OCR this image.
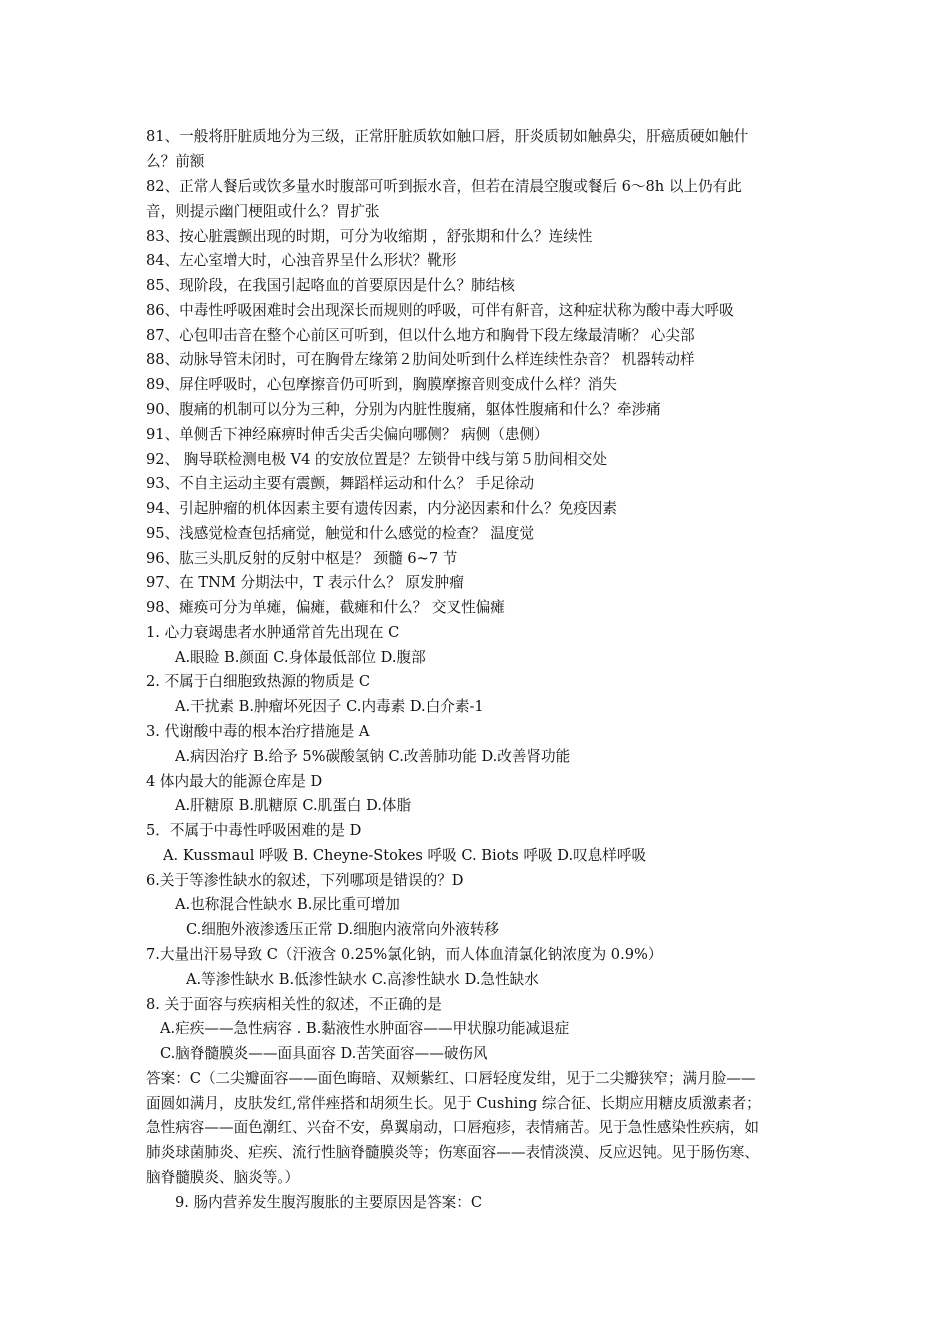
81、一般将肝脏质地分为三级，正常肝脏质软如触口唇，肝炎质韧如触鼻尖，肝癌质硬如触什
么？前额
82、正常人餐后或饮多量水时腹部可听到振水音，但若在清晨空腹或餐后 6～8h 以上仍有此
音，则提示幽门梗阻或什么？胃扩张
83、按心脏震颤出现的时期，可分为收缩期 ，舒张期和什么？连续性
84、左心室增大时，心浊音界呈什么形状？靴形
85、现阶段，在我国引起咯血的首要原因是什么？肺结核
86、中毒性呼吸困难时会出现深长而规则的呼吸，可伴有鼾音，这种症状称为酸中毒大呼吸
87、心包叩击音在整个心前区可听到，但以什么地方和胸骨下段左缘最清晰？ 心尖部
88、动脉导管未闭时，可在胸骨左缘第２肋间处听到什么样连续性杂音？ 机器转动样
89、屏住呼吸时，心包摩擦音仍可听到，胸膜摩擦音则变成什么样？消失
90、腹痛的机制可以分为三种，分别为内脏性腹痛，躯体性腹痛和什么？牵涉痛
91、单侧舌下神经麻痹时伸舌尖舌尖偏向哪侧？ 病侧（患侧）
92、 胸导联检测电极 V4 的安放位置是？左锁骨中线与第５肋间相交处
93、不自主运动主要有震颤，舞蹈样运动和什么？ 手足徐动
94、引起肿瘤的机体因素主要有遗传因素，内分泌因素和什么？免疫因素
95、浅感觉检查包括痛觉，触觉和什么感觉的检查？ 温度觉
96、肱三头肌反射的反射中枢是？ 颈髓 6~7 节
97、在 TNM 分期法中，T 表示什么？ 原发肿瘤
98、瘫痪可分为单瘫，偏瘫，截瘫和什么？ 交叉性偏瘫
1. 心力衰竭患者水肿通常首先出现在 C
A.眼睑 B.颜面 C.身体最低部位 D.腹部
2. 不属于白细胞致热源的物质是 C
A.干扰素 B.肿瘤坏死因子 C.内毒素 D.白介素-1
3. 代谢酸中毒的根本治疗措施是 A
A.病因治疗 B.给予 5%碳酸氢钠 C.改善肺功能 D.改善肾功能
4 体内最大的能源仓库是 D
A.肝糖原 B.肌糖原 C.肌蛋白 D.体脂
5．不属于中毒性呼吸困难的是 D
A. Kussmaul 呼吸 B. Cheyne-Stokes 呼吸 C. Biots 呼吸 D.叹息样呼吸
6.关于等渗性缺水的叙述，下列哪项是错误的？D
A.也称混合性缺水 B.尿比重可增加
C.细胞外液渗透压正常 D.细胞内液常向外液转移
7.大量出汗易导致 C（汗液含 0.25%氯化钠，而人体血清氯化钠浓度为 0.9%）
A.等渗性缺水 B.低渗性缺水 C.高渗性缺水 D.急性缺水
8. 关于面容与疾病相关性的叙述，不正确的是
A.疟疾——急性病容 . B.黏液性水肿面容——甲状腺功能减退症
C.脑脊髓膜炎——面具面容 D.苦笑面容——破伤风
答案：C（二尖瓣面容——面色晦暗、双颊紫红、口唇轻度发绀，见于二尖瓣狭窄；满月脸——
面圆如满月，皮肤发红,常伴痤搭和胡须生长。见于 Cushing 综合征、长期应用糖皮质激素者；
急性病容——面色潮红、兴奋不安，鼻翼扇动，口唇疱疹，表情痛苦。见于急性感染性疾病，如
肺炎球菌肺炎、疟疾、流行性脑脊髓膜炎等；伤寒面容——表情淡漠、反应迟钝。见于肠伤寒、
脑脊髓膜炎、脑炎等。）
9. 肠内营养发生腹泻腹胀的主要原因是答案：C
